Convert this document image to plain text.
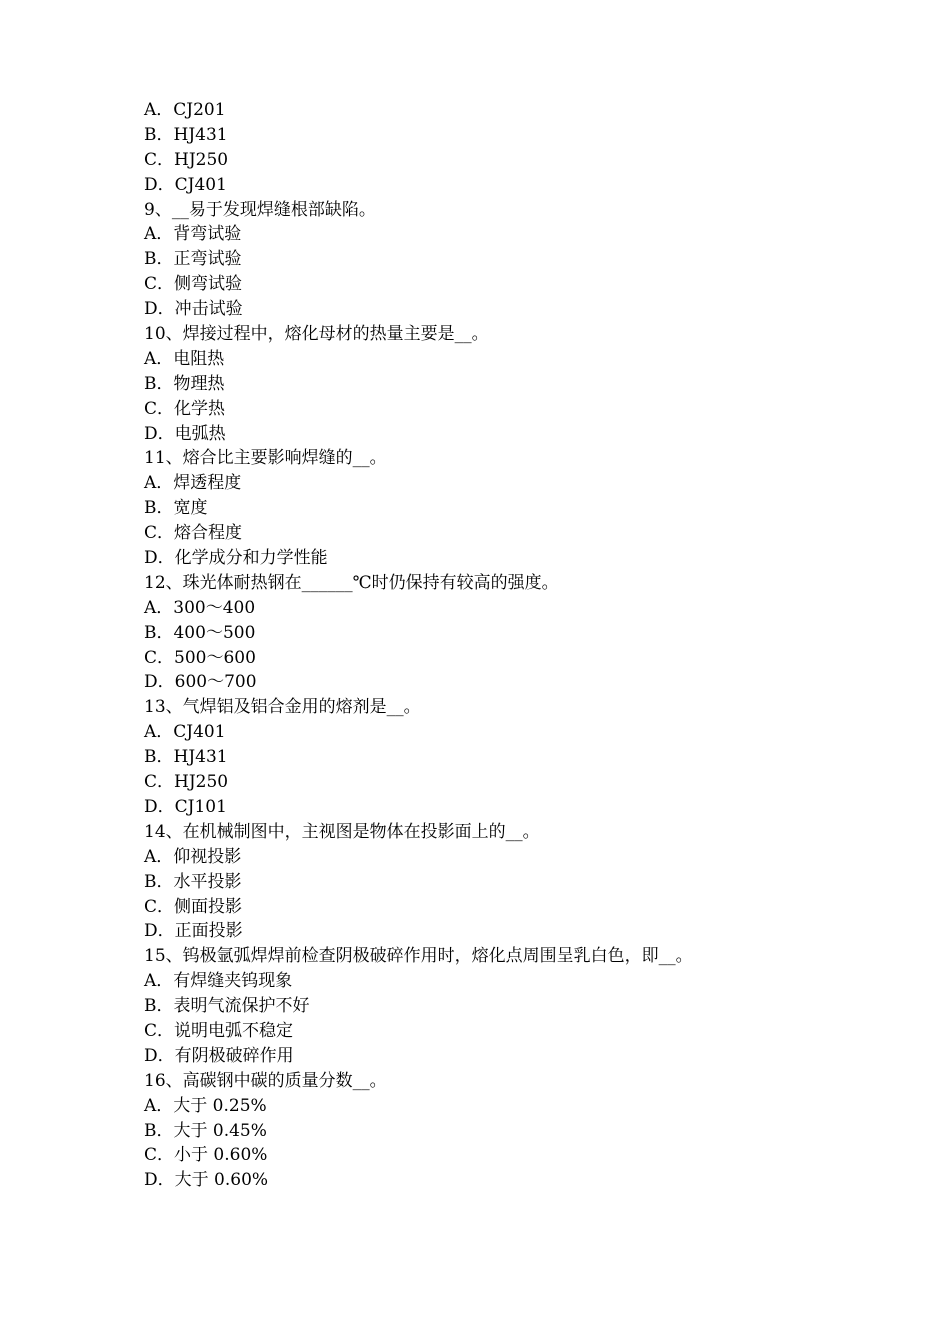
A．CJ201
B．HJ431
C．HJ250
D．CJ401
9、__易于发现焊缝根部缺陷。
A．背弯试验
B．正弯试验
C．侧弯试验
D．冲击试验
10、焊接过程中，熔化母材的热量主要是__。
A．电阻热
B．物理热
C．化学热
D．电弧热
11、熔合比主要影响焊缝的__。
A．焊透程度
B．宽度
C．熔合程度
D．化学成分和力学性能
12、珠光体耐热钢在______℃时仍保持有较高的强度。
A．300～400
B．400～500
C．500～600
D．600～700
13、气焊铝及铝合金用的熔剂是__。
A．CJ401
B．HJ431
C．HJ250
D．CJ101
14、在机械制图中，主视图是物体在投影面上的__。
A．仰视投影
B．水平投影
C．侧面投影
D．正面投影
15、钨极氩弧焊焊前检查阴极破碎作用时，熔化点周围呈乳白色，即__。
A．有焊缝夹钨现象
B．表明气流保护不好
C．说明电弧不稳定
D．有阴极破碎作用
16、高碳钢中碳的质量分数__。
A．大于 0.25%
B．大于 0.45%
C．小于 0.60%
D．大于 0.60%
